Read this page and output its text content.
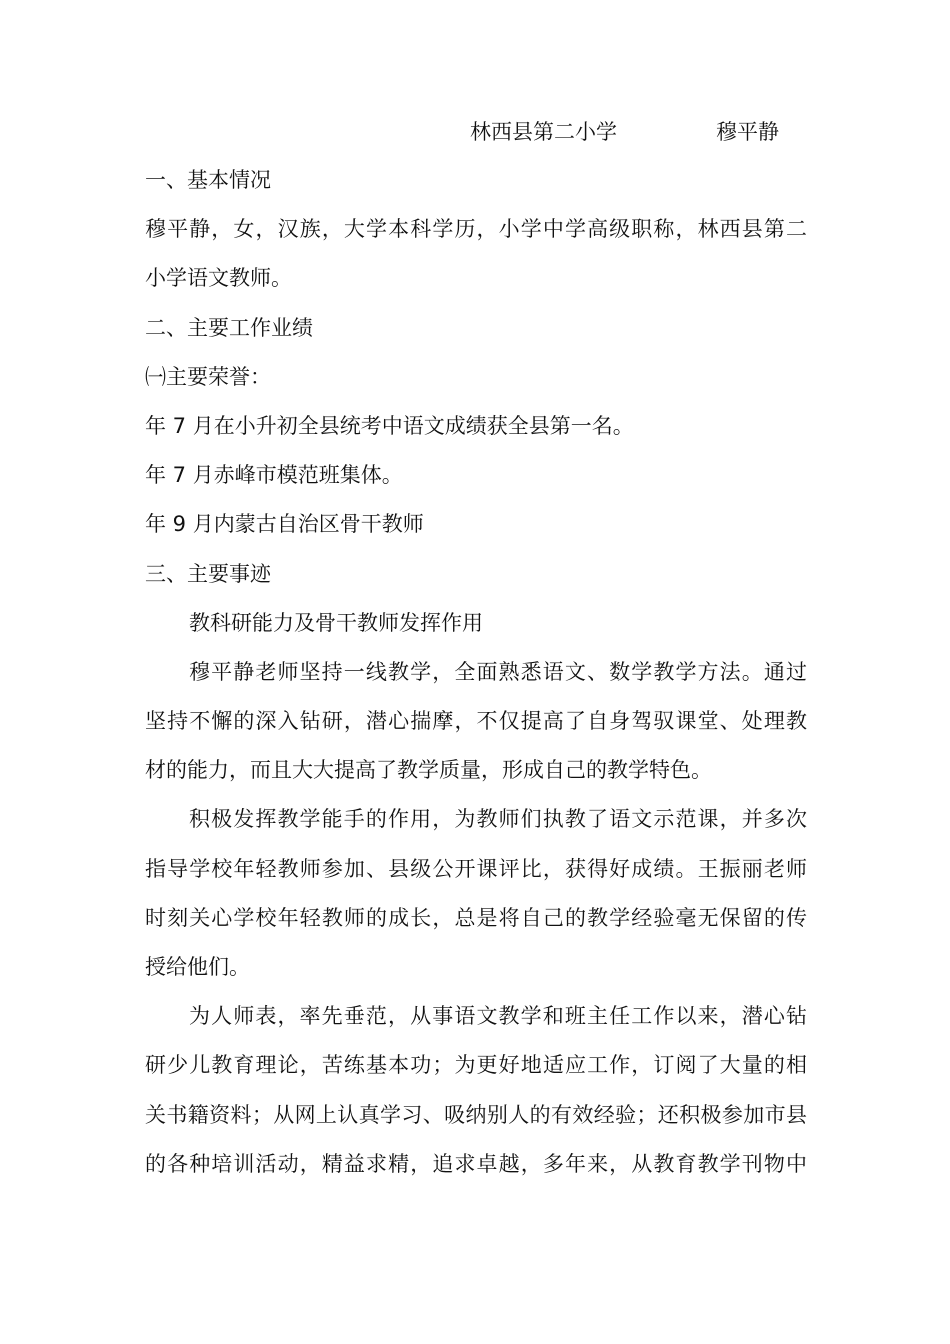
林西县第二小学	穆平静
一、基本情况
穆平静，女，汉族，大学本科学历，小学中学高级职称，林西县第二
小学语文教师。
二、主要工作业绩
㈠主要荣誉：
年 7 月在小升初全县统考中语文成绩获全县第一名。
年 7 月赤峰市模范班集体。
年 9 月内蒙古自治区骨干教师
三、主要事迹
教科研能力及骨干教师发挥作用
穆平静老师坚持一线教学，全面熟悉语文、数学教学方法。通过
坚持不懈的深入钻研，潜心揣摩，不仅提高了自身驾驭课堂、处理教
材的能力，而且大大提高了教学质量，形成自己的教学特色。
积极发挥教学能手的作用，为教师们执教了语文示范课，并多次
指导学校年轻教师参加、县级公开课评比，获得好成绩。王振丽老师
时刻关心学校年轻教师的成长，总是将自己的教学经验毫无保留的传
授给他们。
为人师表，率先垂范，从事语文教学和班主任工作以来，潜心钻
研少儿教育理论，苦练基本功；为更好地适应工作，订阅了大量的相
关书籍资料；从网上认真学习、吸纳别人的有效经验；还积极参加市县
的各种培训活动，精益求精，追求卓越，多年来，从教育教学刊物中
